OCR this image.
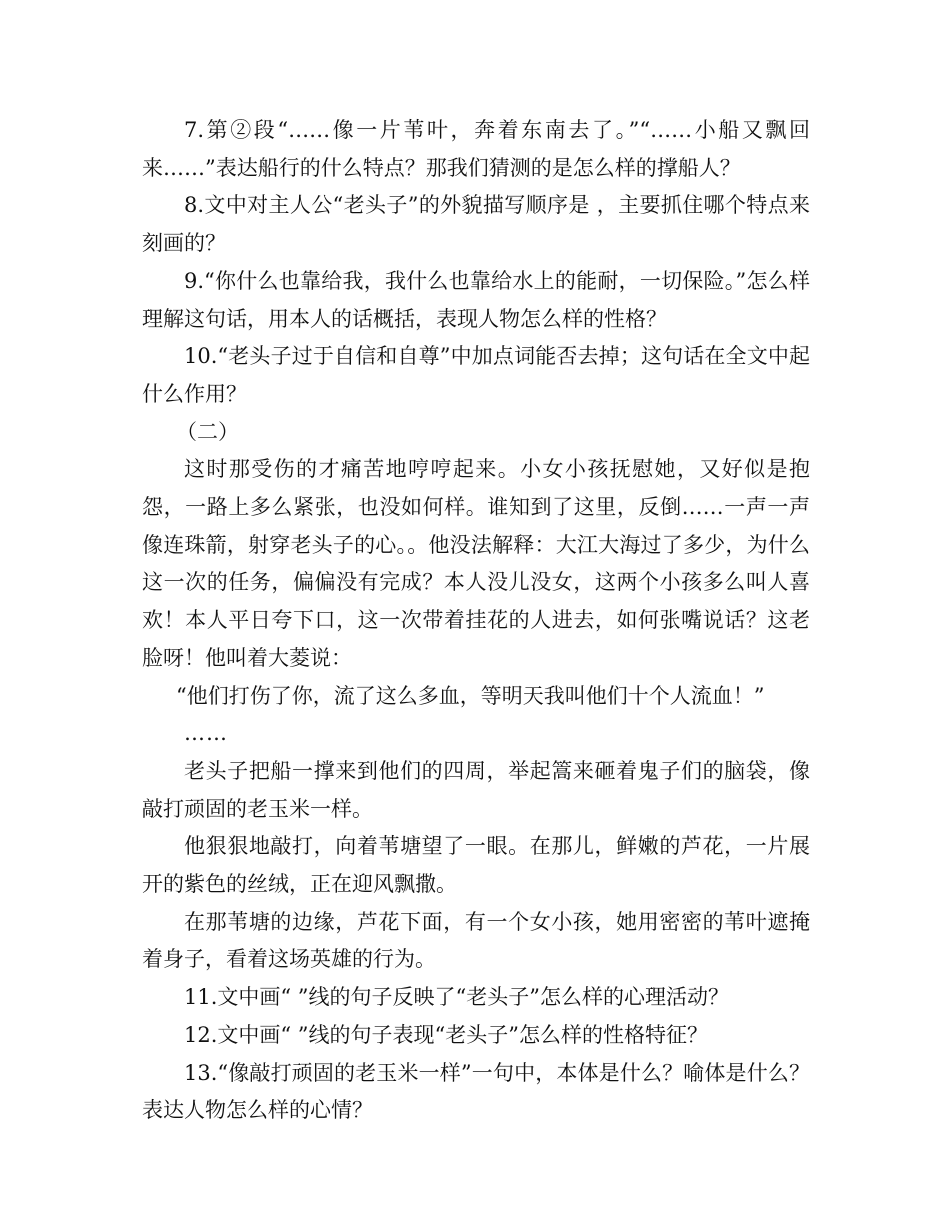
7.第②段“……像一片苇叶，奔着东南去了。”“……小船又飘回来……”表达船行的什么特点？那我们猜测的是怎么样的撑船人？

8.文中对主人公“老头子”的外貌描写顺序是 ，主要抓住哪个特点来刻画的？

9.“你什么也靠给我，我什么也靠给水上的能耐，一切保险。”怎么样理解这句话，用本人的话概括，表现人物怎么样的性格？

10.“老头子过于自信和自尊”中加点词能否去掉；这句话在全文中起什么作用？

（二）

这时那受伤的才痛苦地哼哼起来。小女小孩抚慰她，又好似是抱怨，一路上多么紧张，也没如何样。谁知到了这里，反倒……一声一声像连珠箭，射穿老头子的心。。他没法解释：大江大海过了多少，为什么这一次的任务，偏偏没有完成？本人没儿没女，这两个小孩多么叫人喜欢！本人平日夸下口，这一次带着挂花的人进去，如何张嘴说话？这老脸呀！他叫着大菱说：

“他们打伤了你，流了这么多血，等明天我叫他们十个人流血！”

……

老头子把船一撑来到他们的四周，举起篙来砸着鬼子们的脑袋，像敲打顽固的老玉米一样。

他狠狠地敲打，向着苇塘望了一眼。在那儿，鲜嫩的芦花，一片展开的紫色的丝绒，正在迎风飘撒。

在那苇塘的边缘，芦花下面，有一个女小孩，她用密密的苇叶遮掩着身子，看着这场英雄的行为。

11.文中画“ ”线的句子反映了“老头子”怎么样的心理活动？

12.文中画“ ”线的句子表现“老头子”怎么样的性格特征？

13.“像敲打顽固的老玉米一样”一句中，本体是什么？喻体是什么？表达人物怎么样的心情？
